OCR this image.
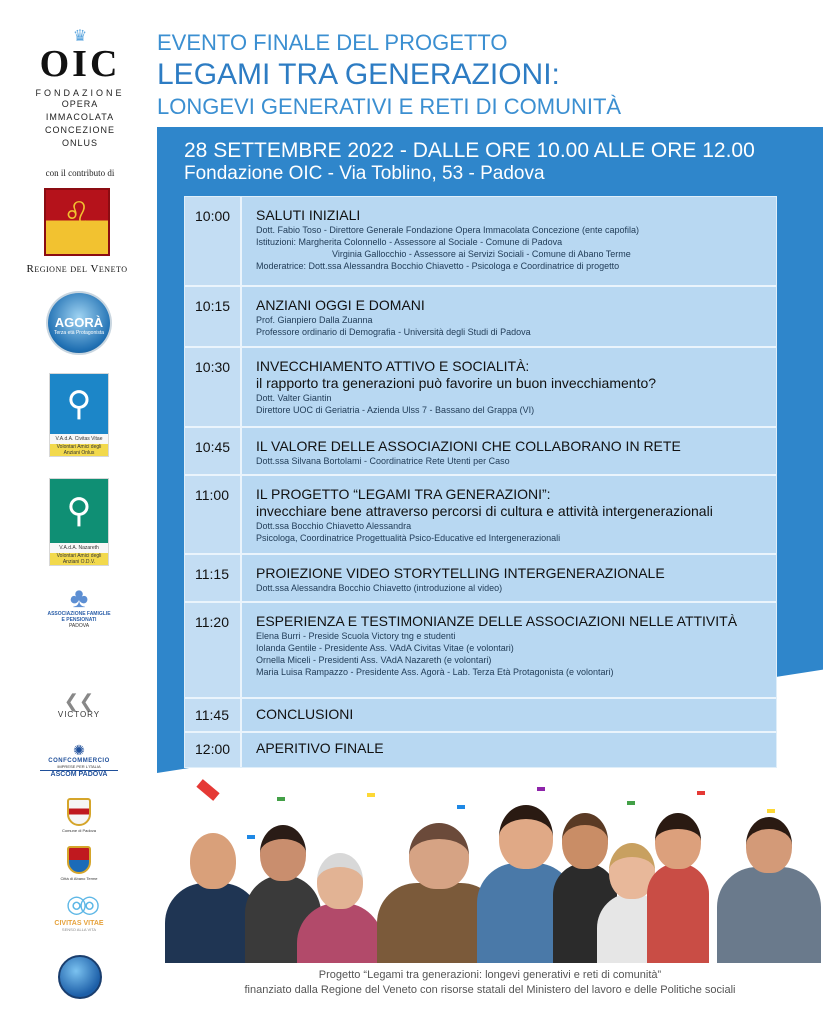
♛
OIC
FONDAZIONE
OPERA IMMACOLATA
CONCEZIONE ONLUS
con il contributo di
♌
Regione del Veneto
AGORÀ
Terza età Protagonista
⚲
V.A.d.A. Civitas Vitae
Volontari Amici degli Anziani Onlus
⚲
V.A.d.A. Nazareth
Volontari Amici degli Anziani O.D.V.
♣
ASSOCIAZIONE FAMIGLIE E PENSIONATI
PADOVA
❮❮
VICTORY
✺
CONFCOMMERCIO
IMPRESE PER L'ITALIA
ASCOM PADOVA
Comune di Padova
Città di Abano Terme
◎◎
CIVITAS VITAE
SENSO ALLA VITA
EVENTO FINALE DEL PROGETTO
LEGAMI TRA GENERAZIONI:
LONGEVI GENERATIVI E RETI DI COMUNITÀ
28 SETTEMBRE 2022 - DALLE ORE 10.00 ALLE ORE 12.00
Fondazione OIC - Via Toblino, 53 - Padova
10:00	SALUTI INIZIALI
Dott. Fabio Toso - Direttore Generale Fondazione Opera Immacolata Concezione (ente capofila)
Istituzioni: Margherita Colonnello - Assessore al Sociale - Comune di Padova
Virginia Gallocchio - Assessore ai Servizi Sociali - Comune di Abano Terme
Moderatrice: Dott.ssa Alessandra Bocchio Chiavetto - Psicologa e Coordinatrice di progetto
10:15	ANZIANI OGGI E DOMANI
Prof. Gianpiero Dalla Zuanna
Professore ordinario di Demografia - Università degli Studi di Padova
10:30	INVECCHIAMENTO ATTIVO E SOCIALITÀ:
il rapporto tra generazioni può favorire un buon invecchiamento?
Dott. Valter Giantin
Direttore UOC di Geriatria - Azienda Ulss 7 - Bassano del Grappa (VI)
10:45	IL VALORE DELLE ASSOCIAZIONI CHE COLLABORANO IN RETE
Dott.ssa Silvana Bortolami - Coordinatrice Rete Utenti per Caso
11:00	IL PROGETTO “LEGAMI TRA GENERAZIONI”:
invecchiare bene attraverso percorsi di cultura e attività intergenerazionali
Dott.ssa Bocchio Chiavetto Alessandra
Psicologa, Coordinatrice Progettualità Psico-Educative ed Intergenerazionali
11:15	PROIEZIONE VIDEO STORYTELLING INTERGENERAZIONALE
Dott.ssa Alessandra Bocchio Chiavetto (introduzione al video)
11:20	ESPERIENZA E TESTIMONIANZE DELLE ASSOCIAZIONI NELLE ATTIVITÀ
Elena Burri - Preside Scuola Victory tng e studenti
Iolanda Gentile - Presidente Ass. VAdA Civitas Vitae (e volontari)
Ornella Miceli - Presidenti Ass. VAdA Nazareth (e volontari)
Maria Luisa Rampazzo - Presidente Ass. Agorà - Lab. Terza Età Protagonista (e volontari)
11:45	CONCLUSIONI
12:00	APERITIVO FINALE
Progetto “Legami tra generazioni: longevi generativi e reti di comunità”
finanziato dalla Regione del Veneto con risorse statali del Ministero del lavoro e delle Politiche sociali
